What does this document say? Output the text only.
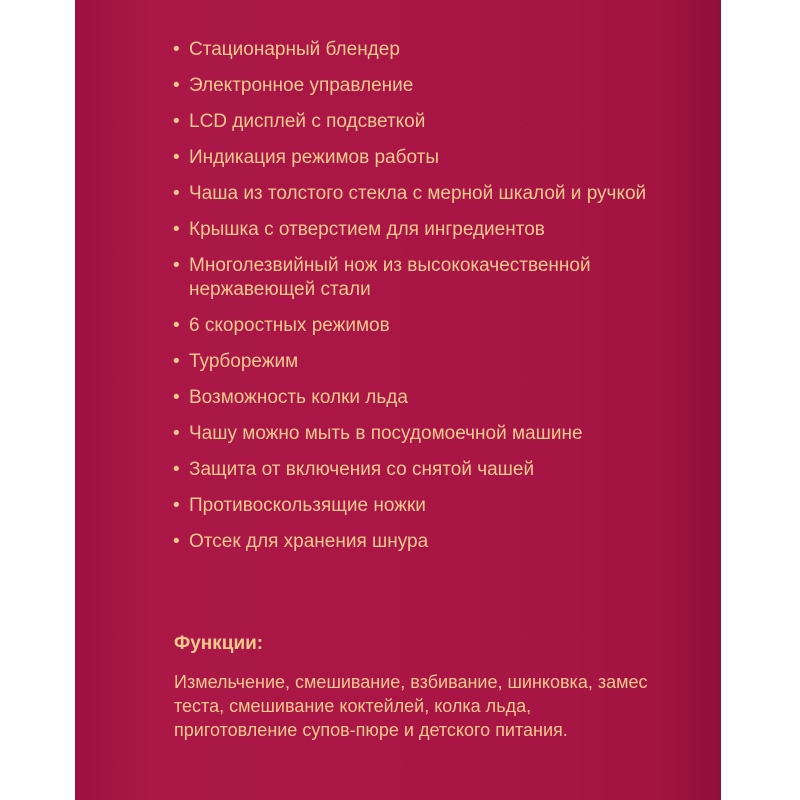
• Стационарный блендер
• Электронное управление
• LCD дисплей с подсветкой
• Индикация режимов работы
• Чаша из толстого стекла с мерной шкалой и ручкой
• Крышка с отверстием для ингредиентов
• Многолезвийный нож из высококачественной нержавеющей стали
• 6 скоростных режимов
• Турборежим
• Возможность колки льда
• Чашу можно мыть в посудомоечной машине
• Защита от включения со снятой чашей
• Противоскользящие ножки
• Отсек для хранения шнура

Функции:

Измельчение, смешивание, взбивание, шинковка, замес теста, смешивание коктейлей, колка льда, приготовление супов-пюре и детского питания.
